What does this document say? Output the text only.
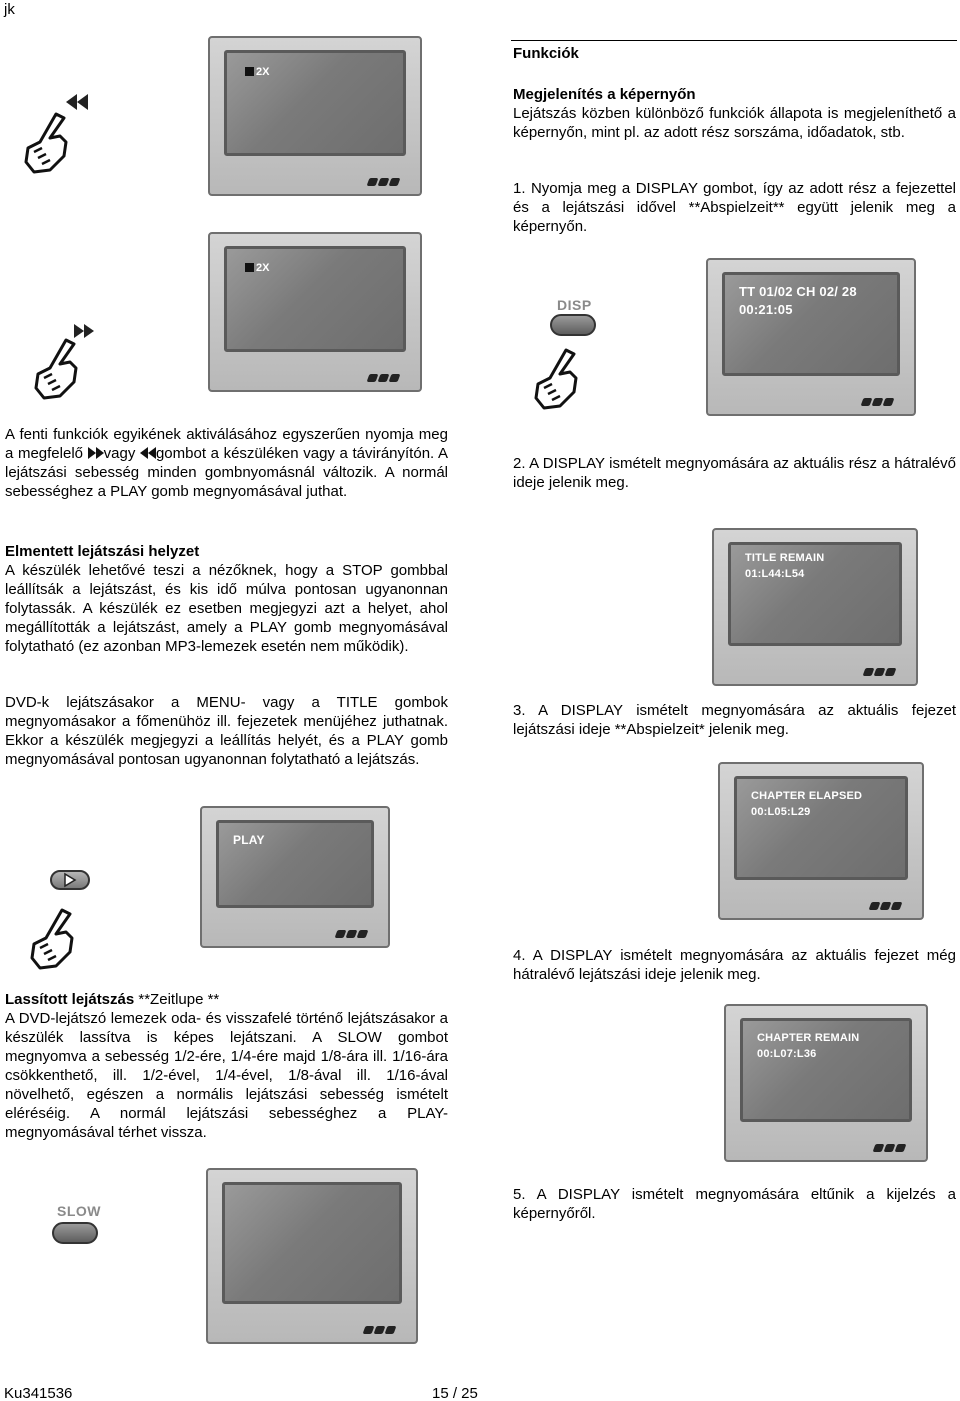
jk
Funkciók
Megjelenítés a képernyőn
Lejátszás közben különböző funkciók állapota is megjeleníthető a képernyőn, mint pl. az adott rész sorszáma, időadatok, stb.
1. Nyomja meg a DISPLAY gombot, így az adott rész a fejezettel és a lejátszási idővel **Abspielzeit** együtt jelenik meg a képernyőn.
2X
2X
DISP
TT 01/02 CH 02/ 28
00:21:05
A fenti funkciók egyikének aktiválásához egyszerűen nyomja meg a megfelelő vagy gombot a készüléken vagy a távirányítón. A lejátszási sebesség minden gombnyomásnál változik. A normál sebességhez a PLAY gomb megnyomásával juthat.
2. A DISPLAY ismételt megnyomására az aktuális rész a hátralévő ideje jelenik meg.
TITLE REMAIN
01:L44:L54
Elmentett lejátszási helyzet
A készülék lehetővé teszi a nézőknek, hogy a STOP gombbal leállítsák a lejátszást, és kis idő múlva pontosan ugyanonnan folytassák. A készülék ez esetben megjegyzi azt a helyet, ahol megállították a lejátszást, amely a PLAY gomb megnyomásával folytatható (ez azonban MP3-lemezek esetén nem működik).
DVD-k lejátszásakor a MENU- vagy a TITLE gombok megnyomásakor a főmenühöz ill. fejezetek menüjéhez juthatnak. Ekkor a készülék megjegyzi a leállítás helyét, és a PLAY gomb megnyomásával pontosan ugyanonnan folytatható a lejátszás.
3. A DISPLAY ismételt megnyomására az aktuális fejezet lejátszási ideje **Abspielzeit* jelenik meg.
CHAPTER ELAPSED
00:L05:L29
PLAY
4. A DISPLAY ismételt megnyomására az aktuális fejezet még hátralévő lejátszási ideje jelenik meg.
Lassított lejátszás **Zeitlupe **
A DVD-lejátszó lemezek oda- és visszafelé történő lejátszásakor a készülék lassítva is képes lejátszani. A SLOW gombot megnyomva a sebesség 1/2-ére, 1/4-ére majd 1/8-ára ill. 1/16-ára csökkenthető, ill. 1/2-ével, 1/4-ével, 1/8-ával ill. 1/16-ával növelhető, egészen a normális lejátszási sebesség ismételt eléréséig. A normál lejátszási sebességhez a PLAY-megnyomásával térhet vissza.
CHAPTER REMAIN
00:L07:L36
5. A DISPLAY ismételt megnyomására eltűnik a kijelzés a képernyőről.
SLOW
Ku341536	15 / 25
